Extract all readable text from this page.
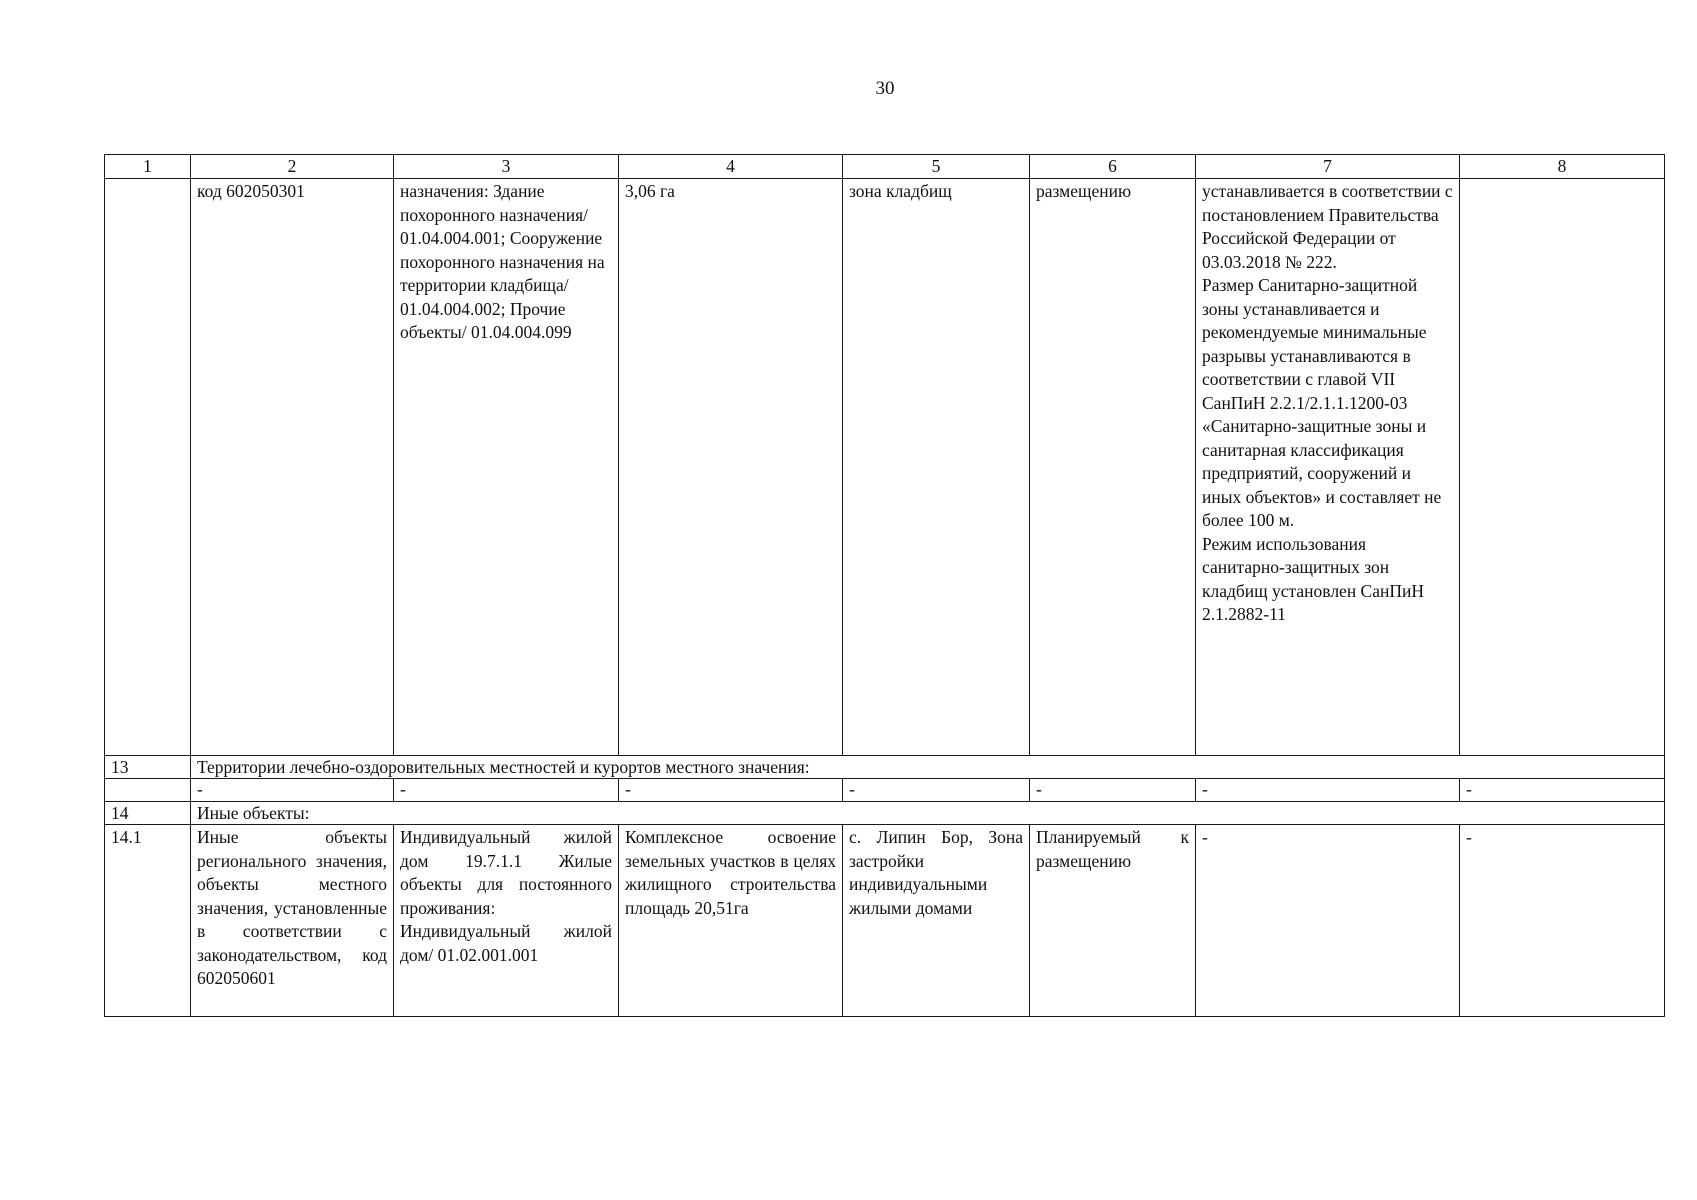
30
1	2	3	4	5	6	7	8
	код 602050301	назначения: Здание похоронного назначения/ 01.04.004.001; Сооружение похоронного назначения на территории кладбища/ 01.04.004.002; Прочие объекты/ 01.04.004.099	3,06 га	зона кладбищ	размещению	устанавливается в соответствии с постановлением Правительства Российской Федерации от 03.03.2018 № 222.
Размер Санитарно-защитной зоны устанавливается и рекомендуемые минимальные разрывы устанавливаются в соответствии с главой VII СанПиН 2.2.1/2.1.1.1200-03 «Санитарно-защитные зоны и санитарная классификация предприятий, сооружений и иных объектов» и составляет не более 100 м.
Режим использования санитарно-защитных зон кладбищ установлен СанПиН 2.1.2882-11	
13	Территории лечебно-оздоровительных местностей и курортов местного значения:						
	-	-	-	-	-	-	-
14	Иные объекты:						
14.1	Иные объекты регионального значения, объекты местного значения, установленные в соответствии с законодательством, код 602050601	Индивидуальный жилой дом 19.7.1.1 Жилые объекты для постоянного проживания: Индивидуальный жилой дом/ 01.02.001.001	Комплексное освоение земельных участков в целях жилищного строительства площадь 20,51га	с. Липин Бор, Зона застройки индивидуальными жилыми домами	Планируемый к размещению	-	-
